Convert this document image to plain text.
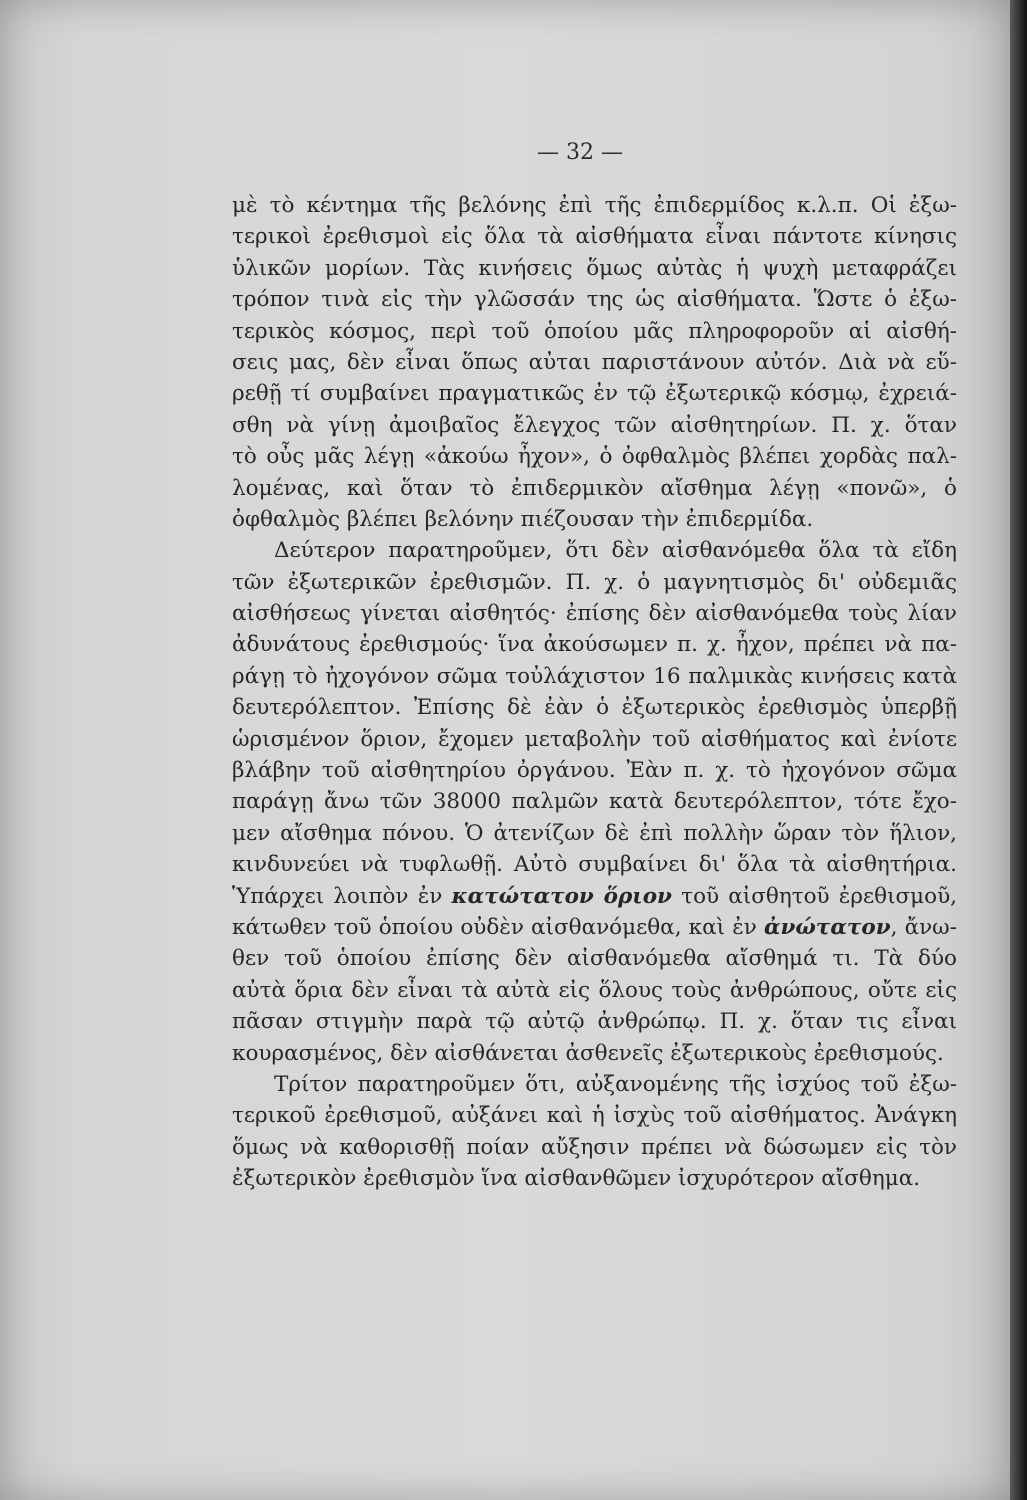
— 32 —
μὲ τὸ κέντημα τῆς βελόνης ἐπὶ τῆς ἐπιδερμίδος κ.λ.π. Οἱ ἐξω-
τερικοὶ ἐρεθισμοὶ εἰς ὅλα τὰ αἰσθήματα εἶναι πάντοτε κίνησις
ὑλικῶν μορίων. Τὰς κινήσεις ὅμως αὐτὰς ἡ ψυχὴ μεταφράζει
τρόπον τινὰ εἰς τὴν γλῶσσάν της ὡς αἰσθήματα. Ὥστε ὁ ἐξω-
τερικὸς κόσμος, περὶ τοῦ ὁποίου μᾶς πληροφοροῦν αἱ αἰσθή-
σεις μας, δὲν εἶναι ὅπως αὐται παριστάνουν αὐτόν. Διὰ νὰ εὕ-
ρεθῇ τί συμβαίνει πραγματικῶς ἐν τῷ ἐξωτερικῷ κόσμῳ, ἐχρειά-
σθη νὰ γίνῃ ἀμοιβαῖος ἔλεγχος τῶν αἰσθητηρίων. Π. χ. ὅταν
τὸ οὖς μᾶς λέγῃ «ἀκούω ἦχον», ὁ ὀφθαλμὸς βλέπει χορδὰς παλ-
λομένας, καὶ ὅταν τὸ ἐπιδερμικὸν αἴσθημα λέγῃ «πονῶ», ὁ
ὀφθαλμὸς βλέπει βελόνην πιέζουσαν τὴν ἐπιδερμίδα.
Δεύτερον παρατηροῦμεν, ὅτι δὲν αἰσθανόμεθα ὅλα τὰ εἴδη
τῶν ἐξωτερικῶν ἐρεθισμῶν. Π. χ. ὁ μαγνητισμὸς δι' οὐδεμιᾶς
αἰσθήσεως γίνεται αἰσθητός· ἐπίσης δὲν αἰσθανόμεθα τοὺς λίαν
ἀδυνάτους ἐρεθισμούς· ἵνα ἀκούσωμεν π. χ. ἦχον, πρέπει νὰ πα-
ράγῃ τὸ ἠχογόνον σῶμα τοὐλάχιστον 16 παλμικὰς κινήσεις κατὰ
δευτερόλεπτον. Ἐπίσης δὲ ἐὰν ὁ ἐξωτερικὸς ἐρεθισμὸς ὑπερβῇ
ὡρισμένον ὅριον, ἔχομεν μεταβολὴν τοῦ αἰσθήματος καὶ ἐνίοτε
βλάβην τοῦ αἰσθητηρίου ὀργάνου. Ἐὰν π. χ. τὸ ἠχογόνον σῶμα
παράγῃ ἄνω τῶν 38000 παλμῶν κατὰ δευτερόλεπτον, τότε ἔχο-
μεν αἴσθημα πόνου. Ὁ ἀτενίζων δὲ ἐπὶ πολλὴν ὥραν τὸν ἥλιον,
κινδυνεύει νὰ τυφλωθῇ. Αὐτὸ συμβαίνει δι' ὅλα τὰ αἰσθητήρια.
Ὑπάρχει λοιπὸν ἐν κατώτατον ὅριον τοῦ αἰσθητοῦ ἐρεθισμοῦ,
κάτωθεν τοῦ ὁποίου οὐδὲν αἰσθανόμεθα, καὶ ἐν ἀνώτατον, ἄνω-
θεν τοῦ ὁποίου ἐπίσης δὲν αἰσθανόμεθα αἴσθημά τι. Τὰ δύο
αὐτὰ ὅρια δὲν εἶναι τὰ αὐτὰ εἰς ὅλους τοὺς ἀνθρώπους, οὔτε εἰς
πᾶσαν στιγμὴν παρὰ τῷ αὐτῷ ἀνθρώπῳ. Π. χ. ὅταν τις εἶναι
κουρασμένος, δὲν αἰσθάνεται ἀσθενεῖς ἐξωτερικοὺς ἐρεθισμούς.
Τρίτον παρατηροῦμεν ὅτι, αὐξανομένης τῆς ἰσχύος τοῦ ἐξω-
τερικοῦ ἐρεθισμοῦ, αὐξάνει καὶ ἡ ἰσχὺς τοῦ αἰσθήματος. Ἀνάγκη
ὅμως νὰ καθορισθῇ ποίαν αὔξησιν πρέπει νὰ δώσωμεν εἰς τὸν
ἐξωτερικὸν ἐρεθισμὸν ἵνα αἰσθανθῶμεν ἰσχυρότερον αἴσθημα.
